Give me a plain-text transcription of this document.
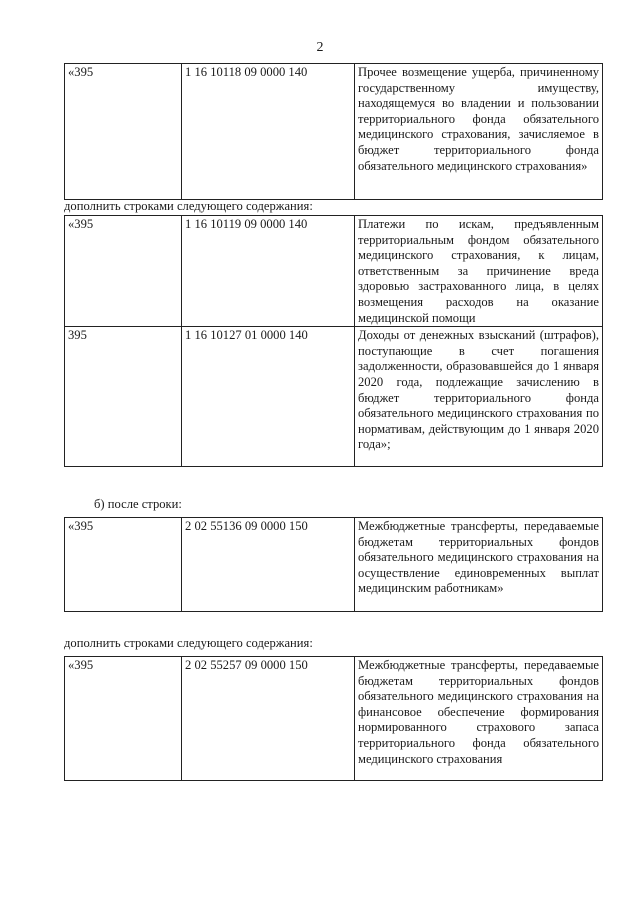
2
«395	1 16 10118 09 0000 140	Прочее возмещение ущерба, причиненному государственному имуществу, находящемуся во владении и пользовании территориального фонда обязательного медицинского страхования, зачисляемое в бюджет территориального фонда обязательного медицинского страхования»
дополнить строками следующего содержания:
«395	1 16 10119 09 0000 140	Платежи по искам, предъявленным территориальным фондом обязательного медицинского страхования, к лицам, ответственным за причинение вреда здоровью застрахованного лица, в целях возмещения расходов на оказание медицинской помощи
395	1 16 10127 01 0000 140	Доходы от денежных взысканий (штрафов), поступающие в счет погашения задолженности, образовавшейся до 1 января 2020 года, подлежащие зачислению в бюджет территориального фонда обязательного медицинского страхования по нормативам, действующим до 1 января 2020 года»;
б) после строки:
«395	2 02 55136 09 0000 150	Межбюджетные трансферты, передаваемые бюджетам территориальных фондов обязательного медицинского страхования на осуществление единовременных выплат медицинским работникам»
дополнить строками следующего содержания:
«395	2 02 55257 09 0000 150	Межбюджетные трансферты, передаваемые бюджетам территориальных фондов обязательного медицинского страхования на финансовое обеспечение формирования нормированного страхового запаса территориального фонда обязательного медицинского страхования
